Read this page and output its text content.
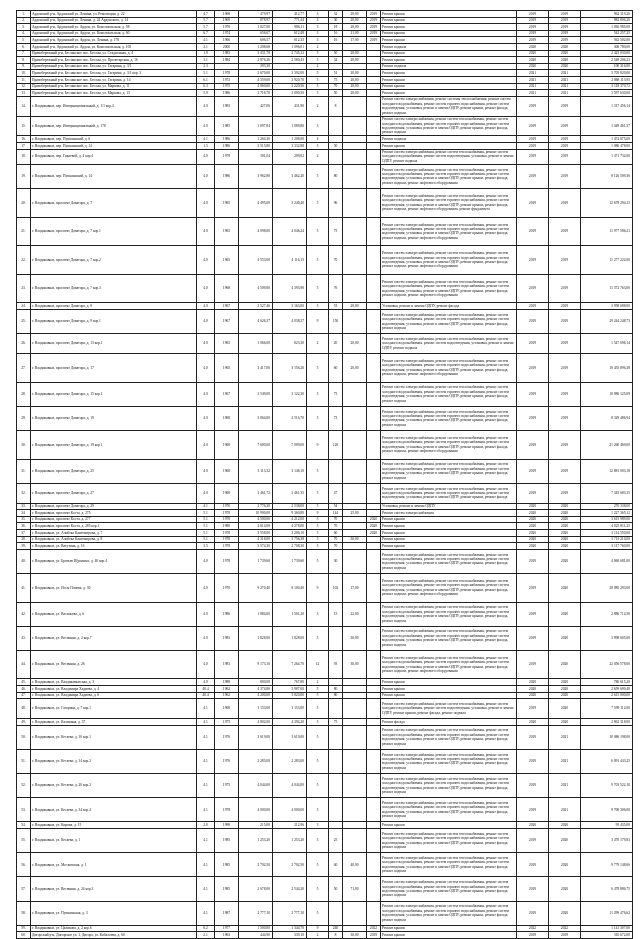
1.	Ардонский р-н, Ардонский ул. Ленина, ул. Революции, д. 22	4.7	1968	479,97	412,77	3	32	20,00	2019	Ремонт крыши	2019	2019	962 319,26
2.	Ардонский р-н, Ардонский ул. Ленина, д. 24 Ардонского, д. 14	5.7	1969	878,97	771,44	3	30	20,00	2019	Ремонт крыши	2019	2019	982 806,20
3.	Ардонский р-н, Ардонский ул. Ардон, ул. Комсомольская, д. 58	5.7	1976	1 027,00	986,11	3	18	20,00	2019	Ремонт крыши	2019	2019	1 036 985,00
4.	Ардонский р-н, Ардонский ул. Ардон, ул. Комсомольская, д. 60	6.7	1974	656,67	612,48	3	16	21,00	2019	Ремонт крыши	2019	2019	542 257,25
5.	Ардонский р-н, Ардонский ул. Ардон, ул. Ленина, д. 178	4.1	1966	606,57	612,33	3	16	17,00	2019	Ремонт крыши	2019	2019	562 502,00
6.	Ардонский р-н, Ардонский ул. Ардон, ул. Комсомольская, д. 105	2.1	2000	1 208,68	1 096,01	2				Ремонт подвала	2020	2020	306 780,00
7.	Правобережный р-н, Бесланское пос. Беслан, ул. Стадионная, д. 4	1.9	1983	3 431,78	2 745,12	5	50	20,00		Ремонт крыши	2020	2020	2 425 030,00
8.	Правобережный р-н, Бесланское пос. Беслан, ул. Пролетарская, д. 16	3.1	1984	2 876,26	2 580,43	5	32	20,00		Ремонт крыши	2020	2020	2 548 206,23
9.	Правобережный р-н, Бесланское пос. Беслан, ул. Гагарина, д. 3/1	2.3		393,30		2				Ремонт подвала	2020	2020	100 316,00
10.	Правобережный р-н, Бесланское пос. Беслан, ул. Гагарина, д. 3/1 кор. 3	5.1	1978	3 670,00	3 392,00	5	51	20,00		Ремонт крыши	2021	2021	3 705 820,00
11.	Правобережный р-н, Бесланское пос. Беслан, ул. Гагарина, д. 14	6.1	1973	4 559,00	3 920,70	5	75	20,00		Ремонт крыши	2021	2021	2 868 113,95
12.	Правобережный р-н, Бесланское пос. Беслан, ул. Маркова, д. 11	6.3	1975	4 060,00	3 220,56	5	70	20,00		Ремонт крыши	2021	2021	3 118 370,72
13.	Правобережный р-н, Бесланское пос. Беслан, ул. Маркова, д. 13	5.9	1986	3 716,70	3 090,50	5	50	20,00		Ремонт крыши	2021	2021	3 597 630,00
14.	г. Владикавказ, пер. Интернациональный, д. 1/1 кор.4	4.0	1983	427,06	431,90	2	8			Ремонт систем электроснабжения, ремонт системы теплоснабжения, ремонт систем холодного водоснабжения, ремонт систем горячего водоснабжения, ремонт систем водоотведения, установка, ремонт и замена ОДПУ, ремонт крыши, ремонт фасада, ремонт подвала	2019	2019	1 317 456,14
15.	г. Владикавказ, пер. Интернациональный, д. 178	4.0	1985	1 097,84	1 089,80	3				Ремонт систем электроснабжения, ремонт систем теплоснабжения, ремонт систем холодного водоснабжения, ремонт систем горячего водоснабжения, ремонт систем водоотведения, установка, ремонт и замена ОДПУ, ремонт крыши, ремонт фасада, ремонт подвала	2019	2019	1 349 461,37
16.	г. Владикавказ, пер. Пушкинский, д. 6	4.1	1986	1 264,30	1 208,00	4				Ремонт подвала	2019	2019	1 474 875,00
17.	г. Владикавказ, пер. Пушкинский, д. 14	1.5	1986	3 515,80	3 332,88	5	50			Ремонт крыши	2019	2019	1 086 478,00
18.	г. Владикавказ, пер. Гикаевой, д. 4 кор.4	4.0	1978	301,04	209,02	2				Ремонт систем электроснабжения, ремонт систем теплоснабжения, ремонт систем холодного водоснабжения, ремонт систем водоотведения, установка, ремонт и замена ОДПУ, ремонт подвала	2019	2019	1 471 732,00
19.	г. Владикавказ, пер. Пушкинский, д. 14	4.0	1986	3 962,80	3 462,20	5	80			Ремонт систем электроснабжения, ремонт систем теплоснабжения, ремонт систем холодного водоснабжения, ремонт систем горячего водоснабжения, ремонт систем водоотведения, установка, ремонт и замена ОДПУ, ремонт крыши, ремонт фасада, ремонт подвала, ремонт лифтового оборудования	2019	2019	8 126 509,36
20.	г. Владикавказ, проспект Доватора, д. 7	4.0	1965	4 495,00	3 240,40	5	96			Ремонт систем электроснабжения, ремонт систем теплоснабжения, ремонт систем холодного водоснабжения, ремонт систем горячего водоснабжения, ремонт систем водоотведения, установка, ремонт и замена ОДПУ, ремонт крыши, ремонт фасада, ремонт подвала, ремонт лифтового оборудования, ремонт фундамента	2019	2019	12 678 294,13
21.	г. Владикавказ, проспект Доватора, д. 7 кор.1	4.0	1965	4 098,00	4 046,24	5	75			Ремонт систем электроснабжения, ремонт систем теплоснабжения, ремонт систем холодного водоснабжения, ремонт систем горячего водоснабжения, ремонт систем водоотведения, установка, ремонт и замена ОДПУ, ремонт крыши, ремонт фасада, ремонт подвала, ремонт лифтового оборудования	2019	2019	11 977 586,41
22.	г. Владикавказ, проспект Доватора, д. 7 кор.2	4.0	1965	4 553,00	4 116,15	5	70			Ремонт систем электроснабжения, ремонт систем теплоснабжения, ремонт систем холодного водоснабжения, ремонт систем горячего водоснабжения, ремонт систем водоотведения, установка, ремонт и замена ОДПУ, ремонт крыши, ремонт фасада, ремонт подвала, ремонт лифтового оборудования	2019	2019	11 277 222,00
23.	г. Владикавказ, проспект Доватора, д. 7 кор.3	4.0	1968	4 509,00	4 393,90	5	76			Ремонт систем электроснабжения, ремонт систем теплоснабжения, ремонт систем холодного водоснабжения, ремонт систем горячего водоснабжения, ремонт систем водоотведения, установка, ремонт и замена ОДПУ, ремонт крыши, ремонт фасада, ремонт подвала, ремонт лифтового оборудования	2019	2019	11 372 763,00
24.	г. Владикавказ, проспект Доватора, д. 8	4.0	1967	3 527,46	3 163,00	5	53	20,00		Установка, ремонт и замена ОДПУ, ремонт фасада	2019	2019	3 958 688,00
25.	г. Владикавказ, проспект Доватора, д. 9 кор.1	4.0	1967	4 626,37	4 038,37	9	150			Ремонт систем электроснабжения, ремонт систем теплоснабжения, ремонт систем холодного водоснабжения, ремонт систем горячего водоснабжения, ремонт систем водоотведения, установка, ремонт и замена ОДПУ, ремонт крыши, ремонт фасада, ремонт подвала	2019	2019	29 244 248,73
26.	г. Владикавказ, проспект Доватора, д. 13 кор.1	4.0	1965	1 066,00	823,30	2	20	20,00		Ремонт систем электроснабжения, ремонт систем теплоснабжения, ремонт систем холодного водоснабжения, ремонт систем водоотведения, установка, ремонт и замена ОДПУ, ремонт подвала	2019	2019	1 547 696,14
27.	г. Владикавказ, проспект Доватора, д. 17	4.0	1965	3 417,00	3 156,20	5	60	20,00		Ремонт систем электроснабжения, ремонт систем теплоснабжения, ремонт систем холодного водоснабжения, ремонт систем горячего водоснабжения, ремонт систем водоотведения, установка, ремонт и замена ОДПУ, ремонт крыши, ремонт фасада, ремонт подвала, ремонт лифтового оборудования	2019	2019	10 455 896,38
28.	г. Владикавказ, проспект Доватора, д. 15 кор.1	4.0	1967	3 549,00	3 122,30	5	75			Ремонт систем электроснабжения, ремонт систем теплоснабжения, ремонт систем холодного водоснабжения, ремонт систем горячего водоснабжения, ремонт систем водоотведения, установка, ремонт и замена ОДПУ, ремонт крыши, ремонт фасада, ремонт подвала	2019	2019	10 986 125,09
29.	г. Владикавказ, проспект Доватора, д. 19	4.0	1968	3 064,00	2 516,70	5	73			Ремонт систем электроснабжения, ремонт систем теплоснабжения, ремонт систем холодного водоснабжения, ремонт систем горячего водоснабжения, ремонт систем водоотведения, установка, ремонт и замена ОДПУ, ремонт крыши, ремонт фасада, ремонт подвала	2019	2019	8 329 486,94
30.	г. Владикавказ, проспект Доватора, д. 19 кор.1	4.0	1968	7 600,00	7 009,00	9	126			Ремонт систем электроснабжения, ремонт систем теплоснабжения, ремонт систем холодного водоснабжения, ремонт систем горячего водоснабжения, ремонт систем водоотведения, установка, ремонт и замена ОДПУ, ремонт крыши, ремонт фасада, ремонт подвала, ремонт лифтового оборудования	2019	2019	21 260 469,00
31.	г. Владикавказ, проспект Доватора, д. 25	4.0	1968	3 113,32	3 146,10	5				Ремонт систем электроснабжения, ремонт систем теплоснабжения, ремонт систем холодного водоснабжения, ремонт систем горячего водоснабжения, ремонт систем водоотведения, установка, ремонт и замена ОДПУ, ремонт крыши, ремонт фасада, ремонт подвала	2019	2019	12 881 003,18
32.	г. Владикавказ, проспект Доватора, д. 27	4.0	1968	2 461,72	2 461,35	5	47			Ремонт систем электроснабжения, ремонт систем теплоснабжения, ремонт систем холодного водоснабжения, ремонт систем горячего водоснабжения, ремонт систем водоотведения, установка, ремонт и замена ОДПУ, ремонт крыши, ремонт фасада	2019	2019	7 345 683,15
33.	г. Владикавказ, проспект Доватора, д. 29	4.1	1970	2 776,30	2 538,00	5	54			Установка, ремонт и замена ОДПУ	2020	2020	270 338,00
34.	г. Владикавказ, проспект Коста, д. 275	5.1	1978	10 900,00	9 360,80	9	144	25,00		Ремонт систем электроснабжения	2020	2020	1 227 365,12
35.	г. Владикавказ, проспект Коста, д. 277	5.1	1978	4 500,00	4 212,00	5	70		2020	Ремонт крыши	2020	2020	3 615 989,00
36.	г. Владикавказ, проспект Коста, д. 285 кор.1	5.1	1980	4 614,00	4 278,00	5	70		2020	Ремонт крыши	2020	2020	4 025 811,25
37.	г. Владикавказ, ул. Алибека Кантемирова, д. 7	5.1	1978	3 558,00	3 206,10	5	60		2020	Ремонт крыши	2020	2020	3 114 550,00
38.	г. Владикавказ, ул. Алибека Кантемирова, д. 8	5.1	1978	4 318,00	3 756,38	5	70	30,00		Ремонт крыши	2020	2020	3 715 210,00
39.	г. Владикавказ, ул. Ватутина, д. 16	3.5	1978	3 574,30	2 708,30	5	70			Ремонт крыши	2020	2020	3 117 760,00
40.	г. Владикавказ, ул. Братьев Щукиных, д. 40 кор.4	4.0	1978	1 739,60	1 739,60	5	30			Ремонт систем электроснабжения, ремонт систем теплоснабжения, ремонт систем холодного водоснабжения, ремонт систем горячего водоснабжения, ремонт систем водоотведения, установка, ремонт и замена ОДПУ, ремонт крыши, ремонт фасада, ремонт подвала	2019	2020	4 060 681,00
41.	г. Владикавказ, ул. Иссы Плиева, д. 30	4.0	1970	9 270,40	8 100,40	9	102	17,00		Ремонт систем электроснабжения, ремонт систем теплоснабжения, ремонт систем холодного водоснабжения, ремонт систем горячего водоснабжения, ремонт систем водоотведения, установка, ремонт и замена ОДПУ, ремонт крыши, ремонт фасада, ремонт подвала, ремонт лифтового оборудования	2019	2020	20 985 293,00
42.	г. Владикавказ, ул. Васильева, д. 6	4.0	1986	1 884,00	1 501,20	3	15	22,00		Ремонт систем электроснабжения, ремонт систем теплоснабжения, ремонт систем холодного водоснабжения, ремонт систем горячего водоснабжения, ремонт систем водоотведения, установка, ремонт и замена ОДПУ, ремонт крыши, ремонт фасада, ремонт подвала	2019	2020	2 886 714,50
43.	г. Владикавказ, ул. Весенняя, д. 2 кор.7	4.0	1983	1 828,00	1 828,00	5		30,00		Ремонт систем электроснабжения, ремонт систем теплоснабжения, ремонт систем холодного водоснабжения, ремонт систем горячего водоснабжения, ремонт систем водоотведения, установка, ремонт и замена ОДПУ, ремонт крыши, ремонт фасада, ремонт подвала	2019	2020	3 998 605,00
44.	г. Владикавказ, ул. Весенняя, д. 26	4.0	1983	9 173,10	7 264,70	12	93	30,00		Ремонт систем электроснабжения, ремонт систем теплоснабжения, ремонт систем холодного водоснабжения, ремонт систем горячего водоснабжения, ремонт систем водоотведения, установка, ремонт и замена ОДПУ, ремонт крыши, ремонт фасада, ремонт подвала, ремонт лифтового оборудования	2019	2020	22 056 578,00
45.	г. Владикавказ, ул. Владикавказская, д. 3	4.0	1988	800,00	767,80	2				Ремонт крыши	2020	2020	786 615,20
46.	г. Владикавказ, ул. Владимира Хадиева, д. 4	40.4	1962	4 374,80	3 987,00	5	80			Ремонт крыши	2020	2020	2 659 690,40
47.	г. Владикавказ, ул. Владимира Хадиева, д. 6	40.4	1962	4 200,00	3 820,00	5	80			Ремонт крыши	2020	2020	2 615 000,00
48.	г. Владикавказ, ул. Гагарина, д. 7 кор.1	4.1	1968	3 153,00	3 153,00	5				Ремонт систем электроснабжения, ремонт систем теплоснабжения, ремонт систем холодного водоснабжения, ремонт систем водоотведения, установка, ремонт и замена ОДПУ, ремонт крыши, ремонт фасада, ремонт подвала	2019	2020	7 599 112,00
49.	г. Владикавказ, ул. Калинина, д. 37	4.1	1975	4 802,00	4 394,20	5	75			Ремонт фасада	2020	2020	2 862 318,00
50.	г. Владикавказ, ул. Кесаева, д. 10 кор.1	4.1	1976	3 619,00	3 619,00	5				Ремонт систем электроснабжения, ремонт систем теплоснабжения, ремонт систем холодного водоснабжения, ремонт систем горячего водоснабжения, ремонт систем водоотведения, установка, ремонт и замена ОДПУ, ремонт крыши, ремонт фасада, ремонт подвала	2019	2021	10 086 198,00
51.	г. Владикавказ, ул. Кесаева, д. 14 кор.2	4.1	1976	2 283,00	2 283,00	5				Ремонт систем электроснабжения, ремонт систем теплоснабжения, ремонт систем холодного водоснабжения, ремонт систем горячего водоснабжения, ремонт систем водоотведения, установка, ремонт и замена ОДПУ, ремонт крыши, ремонт фасада, ремонт подвала	2019	2021	6 091 443,25
52.	г. Владикавказ, ул. Кесаева, д. 20 кор.2	4.1	1975	4 044,00	4 044,00	5				Ремонт систем электроснабжения, ремонт систем теплоснабжения, ремонт систем холодного водоснабжения, ремонт систем горячего водоснабжения, ремонт систем водоотведения, установка, ремонт и замена ОДПУ, ремонт крыши, ремонт фасада, ремонт подвала	2019	2021	9 703 522,10
53.	г. Владикавказ, ул. Кесаева, д. 34 кор.4	4.1	1978	4 000,00	4 000,00	5				Ремонт систем электроснабжения, ремонт систем теплоснабжения, ремонт систем холодного водоснабжения, ремонт систем горячего водоснабжения, ремонт систем водоотведения, установка, ремонт и замена ОДПУ, ремонт крыши, ремонт фасада, ремонт подвала	2019	2021	9 700 306,00
54.	г. Владикавказ, ул. Кирова, д. 15	2.0	1998	215,00	212,96	3				Ремонт крыши	2020	2020	95 435,00
55.	г. Владикавказ, ул. Кесаева, д. 1	4.1	1985	1 253,20	1 253,20	3	25			Ремонт систем электроснабжения, ремонт систем теплоснабжения, ремонт систем холодного водоснабжения, ремонт систем горячего водоснабжения, ремонт систем водоотведения, установка, ремонт и замена ОДПУ, ремонт крыши, ремонт фасада, ремонт подвала	2019	2020	3 470 179,83
56.	г. Владикавказ, ул. Московская, д. 1	4.1	1985	2 702,50	2 702,50	5	40	40,00		Ремонт систем электроснабжения, ремонт систем теплоснабжения, ремонт систем холодного водоснабжения, ремонт систем горячего водоснабжения, ремонт систем водоотведения, установка, ремонт и замена ОДПУ, ремонт крыши, ремонт фасада, ремонт подвала	2019	2020	9 779 148,66
57.	г. Владикавказ, ул. Весенняя, д. 24 кор.3	4.1	1985	2 678,00	2 544,20	5	50	71,00		Ремонт систем электроснабжения, ремонт систем теплоснабжения, ремонт систем холодного водоснабжения, ремонт систем горячего водоснабжения, ремонт систем водоотведения, установка, ремонт и замена ОДПУ, ремонт крыши, ремонт фасада, ремонт подвала	2019	2020	6 478 886,75
58.	г. Владикавказ, ул. Пушкинская, д. 3	4.1	1987	2 777,10	2 777,10	5				Ремонт систем электроснабжения, ремонт систем теплоснабжения, ремонт систем холодного водоснабжения, ремонт систем горячего водоснабжения, ремонт систем водоотведения, установка, ремонт и замена ОДПУ, ремонт крыши, ремонт фасада, ремонт подвала	2019	2020	11 299 476,62
59.	г. Владикавказ, ул. Цаликова, д. 2 кор.6	6.2	1977	1 500,00	1 344,70	9	240		2022	Ремонт крыши	2022	2022	1 141 307,00
60.	Дигорский р-н, Дигорское ул. 1, Дигора, ул. Кабалоева, д. 60	2.1	1963	444,90	339,10	2	8	30,00	2019	Ремонт крыши	2019	2019	310 672,00
